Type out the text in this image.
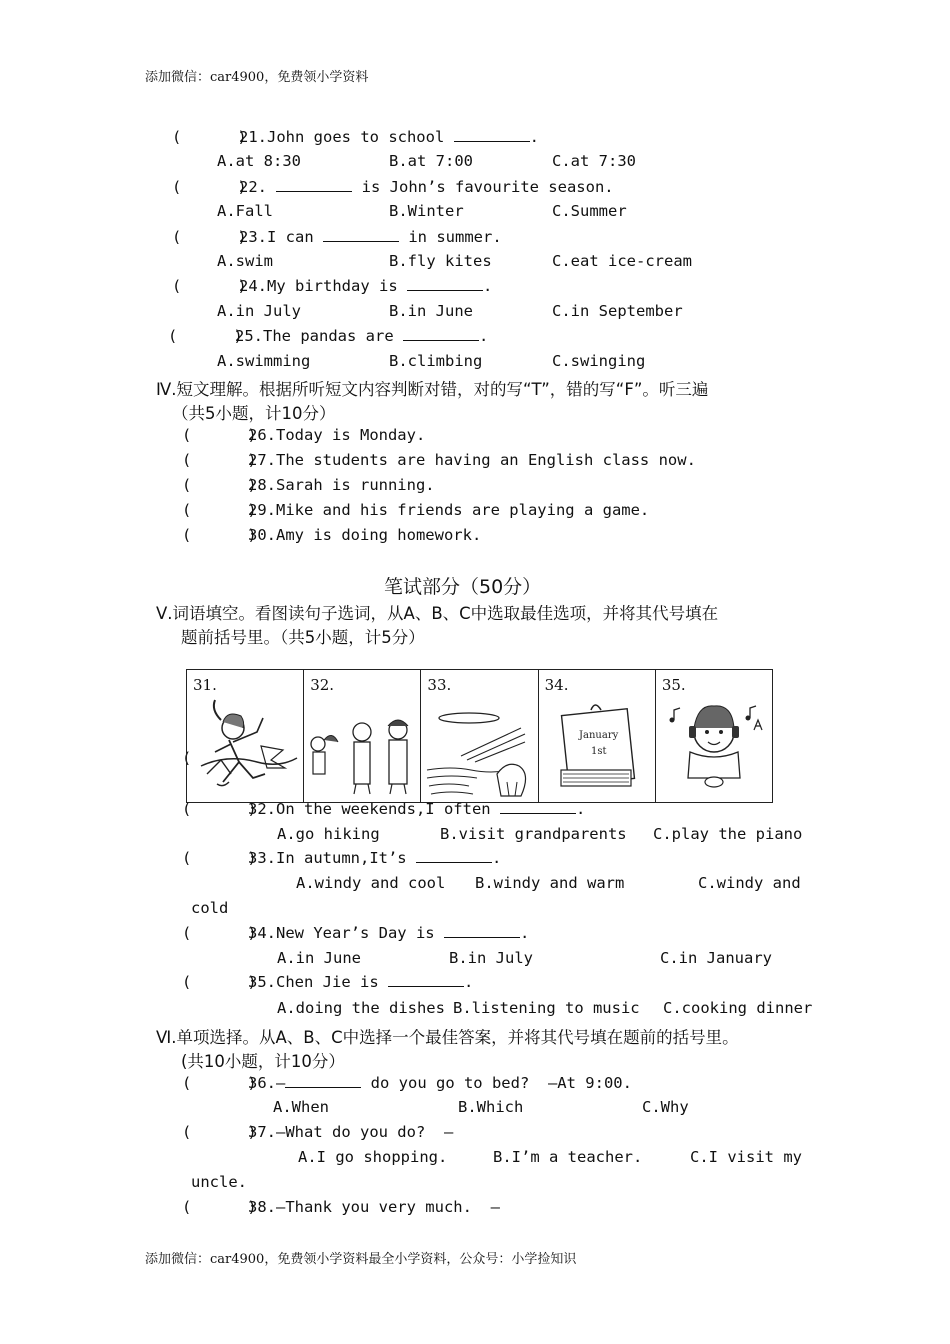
添加微信：car4900，免费领小学资料
(      )
21.John goes to school	.
A.at 8:30	B.at 7:00	C.at 7:30
(      )
22.	is John’s favourite season.
A.Fall	B.Winter	C.Summer
(      )
23.I can	in summer.
A.swim	B.fly kites	C.eat ice-cream
(      )
24.My birthday is	.
A.in July	B.in June	C.in September
(      )
25.The pandas are	.
A.swimming	B.climbing	C.swinging
Ⅳ.短文理解。根据所听短文内容判断对错，对的写“T”，错的写“F”。听三遍
（共5小题，计10分）
(      )
26.Today is Monday.
(      )
27.The students are having an English class now.
(      )
28.Sarah is running.
(      )
29.Mike and his friends are playing a game.
(      )
30.Amy is doing homework.
笔试部分（50分）
Ⅴ.词语填空。看图读句子选词，从A、B、C中选取最佳选项，并将其代号填在
题前括号里。（共5小题，计5分）
(
31.	32.	33.	34.
January
1st
35.
(      )
32.On the weekends,I often	.
A.go hiking	B.visit grandparents C.play the piano
(      )
33.In autumn,It’s	.
A.windy and cool B.windy and warm	C.windy and
(      )
34.New Year’s Day is	.
A.in June	B.in July	C.in January
(      )
35.Chen Jie is	.
A.doing the dishes B.listening to music C.cooking dinner
cold
Ⅵ.单项选择。从A、B、C中选择一个最佳答案，并将其代号填在题前的括号里。
(共10小题，计10分）
(      )
36.—	do you go to bed?  —At 9:00.
A.When	B.Which	C.Why
(      )
37.—What do you do?  —
A.I go shopping.	B.I’m a teacher.	C.I visit my
uncle.
(      )
38.—Thank you very much.  —
添加微信：car4900，免费领小学资料最全小学资料，公众号：小学捡知识
